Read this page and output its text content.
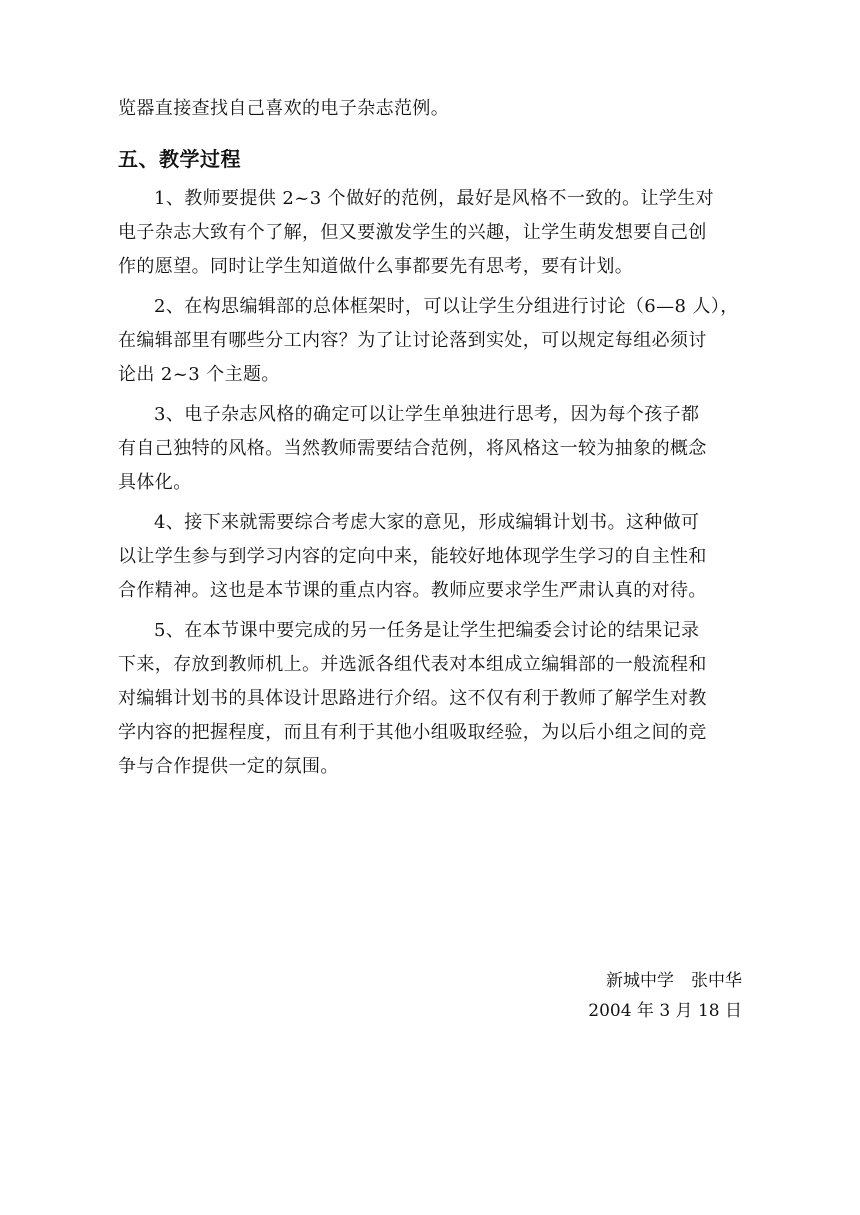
览器直接查找自己喜欢的电子杂志范例。
五、教学过程
1、教师要提供 2~3 个做好的范例，最好是风格不一致的。让学生对
电子杂志大致有个了解，但又要激发学生的兴趣，让学生萌发想要自己创
作的愿望。同时让学生知道做什么事都要先有思考，要有计划。
2、在构思编辑部的总体框架时，可以让学生分组进行讨论（6—8 人），
在编辑部里有哪些分工内容？为了让讨论落到实处，可以规定每组必须讨
论出 2~3 个主题。
3、电子杂志风格的确定可以让学生单独进行思考，因为每个孩子都
有自己独特的风格。当然教师需要结合范例，将风格这一较为抽象的概念
具体化。
4、接下来就需要综合考虑大家的意见，形成编辑计划书。这种做可
以让学生参与到学习内容的定向中来，能较好地体现学生学习的自主性和
合作精神。这也是本节课的重点内容。教师应要求学生严肃认真的对待。
5、在本节课中要完成的另一任务是让学生把编委会讨论的结果记录
下来，存放到教师机上。并选派各组代表对本组成立编辑部的一般流程和
对编辑计划书的具体设计思路进行介绍。这不仅有利于教师了解学生对教
学内容的把握程度，而且有利于其他小组吸取经验，为以后小组之间的竞
争与合作提供一定的氛围。
新城中学　张中华
2004 年 3 月 18 日
